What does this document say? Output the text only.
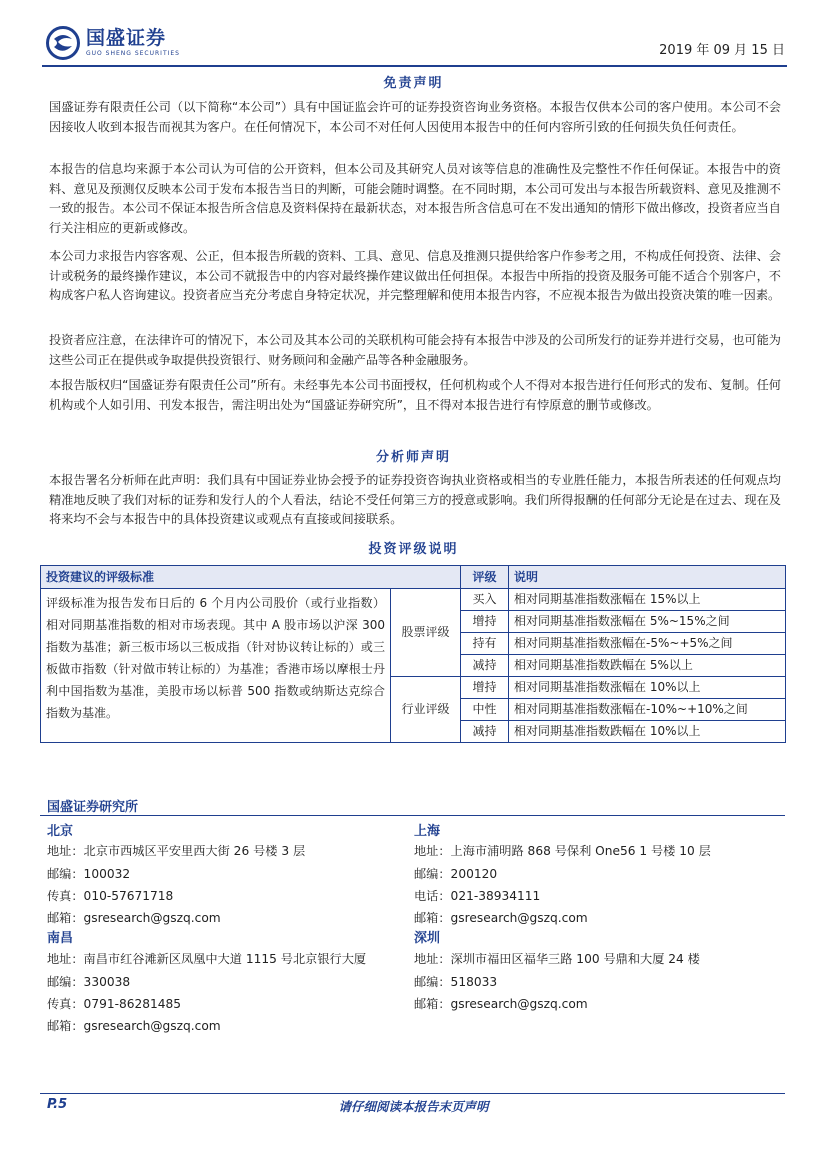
国盛证券
GUO SHENG SECURITIES	2019 年 09 月 15 日
免责声明

国盛证券有限责任公司（以下简称“本公司”）具有中国证监会许可的证券投资咨询业务资格。本报告仅供本公司的客户使用。本公司不会因接收人收到本报告而视其为客户。在任何情况下，本公司不对任何人因使用本报告中的任何内容所引致的任何损失负任何责任。

本报告的信息均来源于本公司认为可信的公开资料，但本公司及其研究人员对该等信息的准确性及完整性不作任何保证。本报告中的资料、意见及预测仅反映本公司于发布本报告当日的判断，可能会随时调整。在不同时期，本公司可发出与本报告所载资料、意见及推测不一致的报告。本公司不保证本报告所含信息及资料保持在最新状态，对本报告所含信息可在不发出通知的情形下做出修改，投资者应当自行关注相应的更新或修改。

本公司力求报告内容客观、公正，但本报告所载的资料、工具、意见、信息及推测只提供给客户作参考之用，不构成任何投资、法律、会计或税务的最终操作建议，本公司不就报告中的内容对最终操作建议做出任何担保。本报告中所指的投资及服务可能不适合个别客户，不构成客户私人咨询建议。投资者应当充分考虑自身特定状况，并完整理解和使用本报告内容，不应视本报告为做出投资决策的唯一因素。

投资者应注意，在法律许可的情况下，本公司及其本公司的关联机构可能会持有本报告中涉及的公司所发行的证券并进行交易，也可能为这些公司正在提供或争取提供投资银行、财务顾问和金融产品等各种金融服务。

本报告版权归“国盛证券有限责任公司”所有。未经事先本公司书面授权，任何机构或个人不得对本报告进行任何形式的发布、复制。任何机构或个人如引用、刊发本报告，需注明出处为“国盛证券研究所”，且不得对本报告进行有悖原意的删节或修改。

分析师声明

本报告署名分析师在此声明：我们具有中国证券业协会授予的证券投资咨询执业资格或相当的专业胜任能力，本报告所表述的任何观点均精准地反映了我们对标的证券和发行人的个人看法，结论不受任何第三方的授意或影响。我们所得报酬的任何部分无论是在过去、现在及将来均不会与本报告中的具体投资建议或观点有直接或间接联系。

投资评级说明
投资建议的评级标准		评级	说明
评级标准为报告发布日后的 6 个月内公司股价（或行业指数）相对同期基准指数的相对市场表现。其中 A 股市场以沪深 300 指数为基准；新三板市场以三板成指（针对协议转让标的）或三板做市指数（针对做市转让标的）为基准；香港市场以摩根士丹利中国指数为基准，美股市场以标普 500 指数或纳斯达克综合指数为基准。	股票评级	买入	相对同期基准指数涨幅在 15%以上
		增持	相对同期基准指数涨幅在 5%~15%之间
		持有	相对同期基准指数涨幅在-5%~+5%之间
		减持	相对同期基准指数跌幅在 5%以上
	行业评级	增持	相对同期基准指数涨幅在 10%以上
		中性	相对同期基准指数涨幅在-10%~+10%之间
		减持	相对同期基准指数跌幅在 10%以上
国盛证券研究所
北京
地址：北京市西城区平安里西大街 26 号楼 3 层
邮编：100032
传真：010-57671718
邮箱：gsresearch@gszq.com
上海
地址：上海市浦明路 868 号保利 One56 1 号楼 10 层
邮编：200120
电话：021-38934111
邮箱：gsresearch@gszq.com
南昌
地址：南昌市红谷滩新区凤凰中大道 1115 号北京银行大厦
邮编：330038
传真：0791-86281485
邮箱：gsresearch@gszq.com
深圳
地址：深圳市福田区福华三路 100 号鼎和大厦 24 楼
邮编：518033
邮箱：gsresearch@gszq.com
P.5	请仔细阅读本报告末页声明
